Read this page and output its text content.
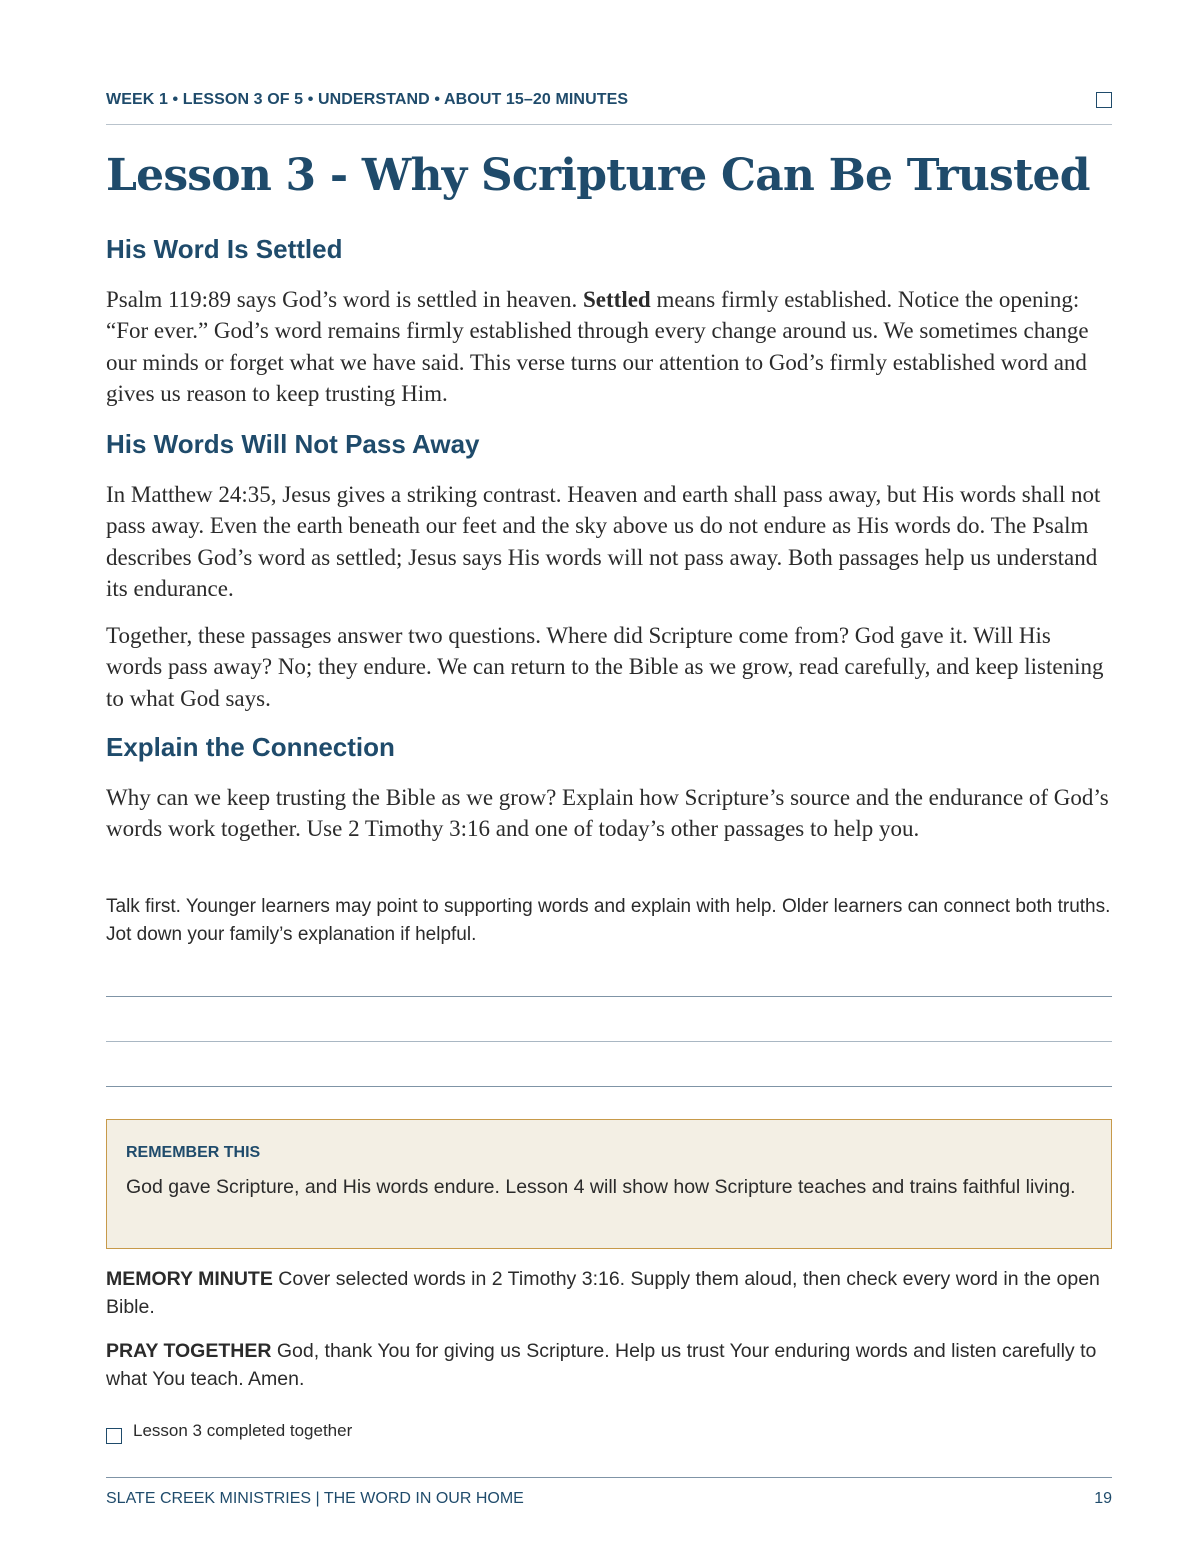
WEEK 1 • LESSON 3 OF 5 • UNDERSTAND • ABOUT 15–20 MINUTES
Lesson 3 - Why Scripture Can Be Trusted
His Word Is Settled

Psalm 119:89 says God’s word is settled in heaven. Settled means firmly established. Notice the opening: “For ever.” God’s word remains firmly established through every change around us. We sometimes change our minds or forget what we have said. This verse turns our attention to God’s firmly established word and gives us reason to keep trusting Him.

His Words Will Not Pass Away

In Matthew 24:35, Jesus gives a striking contrast. Heaven and earth shall pass away, but His words shall not pass away. Even the earth beneath our feet and the sky above us do not endure as His words do. The Psalm describes God’s word as settled; Jesus says His words will not pass away. Both passages help us understand its endurance.

Together, these passages answer two questions. Where did Scripture come from? God gave it. Will His words pass away? No; they endure. We can return to the Bible as we grow, read carefully, and keep listening to what God says.

Explain the Connection

Why can we keep trusting the Bible as we grow? Explain how Scripture’s source and the endurance of God’s words work together. Use 2 Timothy 3:16 and one of today’s other passages to help you.

Talk first. Younger learners may point to supporting words and explain with help. Older learners can connect both truths. Jot down your family’s explanation if helpful.

REMEMBER THIS
God gave Scripture, and His words endure. Lesson 4 will show how Scripture teaches and trains faithful living.

MEMORY MINUTE Cover selected words in 2 Timothy 3:16. Supply them aloud, then check every word in the open Bible.

PRAY TOGETHER God, thank You for giving us Scripture. Help us trust Your enduring words and listen carefully to what You teach. Amen.

Lesson 3 completed together
SLATE CREEK MINISTRIES | THE WORD IN OUR HOME	19
